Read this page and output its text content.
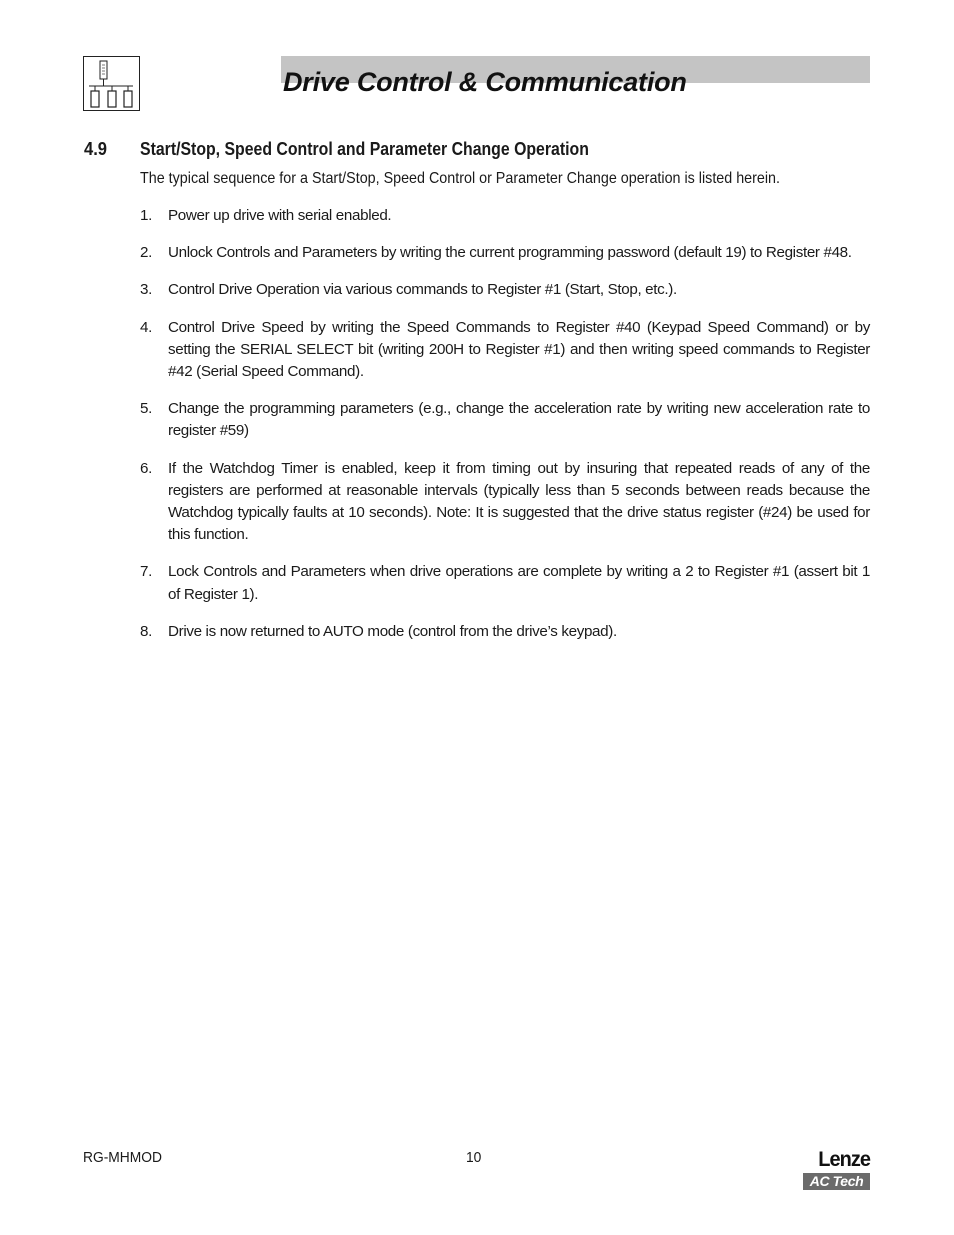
Drive Control & Communication
4.9 Start/Stop, Speed Control and Parameter Change Operation
The typical sequence for a Start/Stop, Speed Control or Parameter Change operation is listed herein.
1. Power up drive with serial enabled.
2. Unlock Controls and Parameters by writing the current programming password (default 19) to Register #48.
3. Control Drive Operation via various commands to Register #1 (Start, Stop, etc.).
4. Control Drive Speed by writing the Speed Commands to Register #40 (Keypad Speed Command) or by setting the SERIAL SELECT bit (writing 200H to Register #1) and then writing speed commands to Register #42 (Serial Speed Command).
5. Change the programming parameters (e.g., change the acceleration rate by writing new acceleration rate to register #59)
6. If the Watchdog Timer is enabled, keep it from timing out by insuring that repeated reads of any of the registers are performed at reasonable intervals (typically less than 5 seconds between reads because the Watchdog typically faults at 10 seconds). Note: It is suggested that the drive status register (#24) be used for this function.
7. Lock Controls and Parameters when drive operations are complete by writing a 2 to Register #1 (assert bit 1 of Register 1).
8. Drive is now returned to AUTO mode (control from the drive’s keypad).
RG-MHMOD	10	Lenze
AC Tech
